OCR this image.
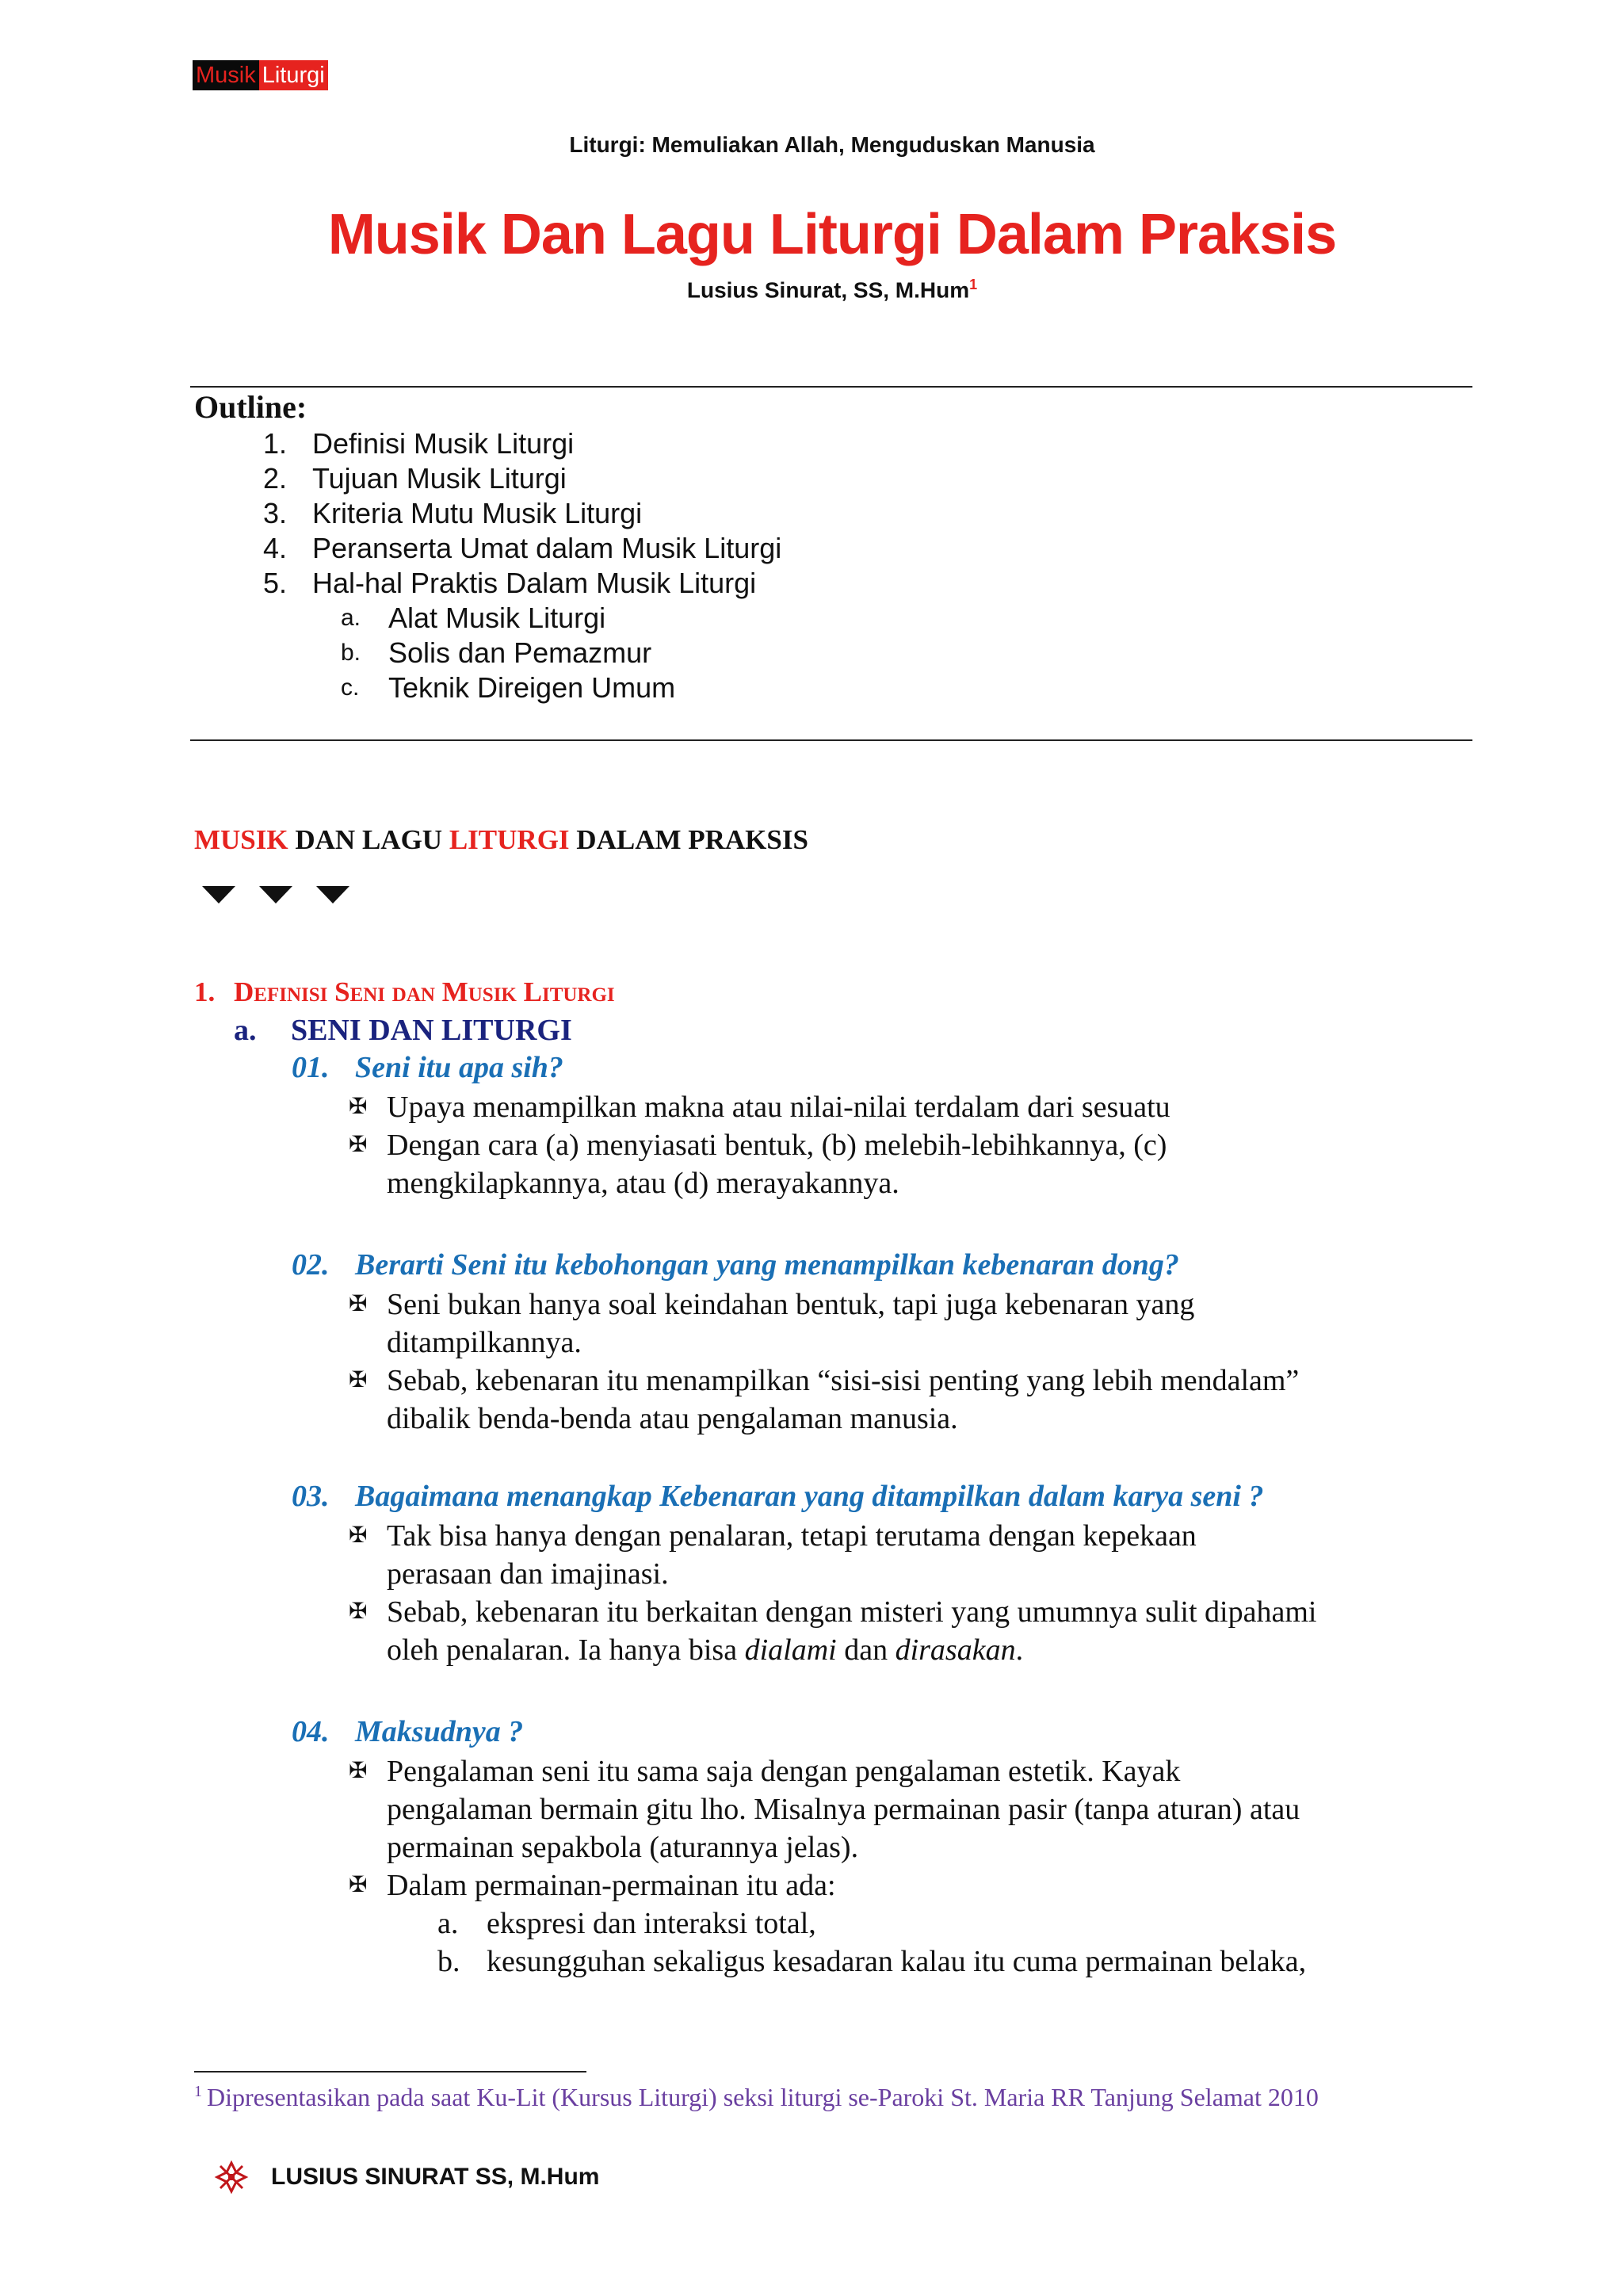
Musik Liturgi
Liturgi: Memuliakan Allah, Menguduskan Manusia
Musik Dan Lagu Liturgi Dalam Praksis
Lusius Sinurat, SS, M.Hum$^1$
Outline:
1. Definisi Musik Liturgi
2. Tujuan Musik Liturgi
3. Kriteria Mutu Musik Liturgi
4. Peranserta Umat dalam Musik Liturgi
5. Hal-hal Praktis Dalam Musik Liturgi
a. Alat Musik Liturgi
b. Solis dan Pemazmur
c.	Teknik Direigen Umum
MUSIK DAN LAGU LITURGI DALAM PRAKSIS
1. Definisi Seni dan Musik Liturgi
a. SENI DAN LITURGI
01. Seni itu apa sih?
✠ Upaya menampilkan makna atau nilai-nilai terdalam dari sesuatu
✠ Dengan cara (a) menyiasati bentuk, (b) melebih-lebihkannya, (c)
mengkilapkannya, atau (d) merayakannya.
02. Berarti Seni itu kebohongan yang menampilkan kebenaran dong?
✠ Seni bukan hanya soal keindahan bentuk, tapi juga kebenaran yang
ditampilkannya.
✠ Sebab, kebenaran itu menampilkan “sisi-sisi penting yang lebih mendalam”
dibalik benda-benda atau pengalaman manusia.
03. Bagaimana menangkap Kebenaran yang ditampilkan dalam karya seni ?
✠ Tak bisa hanya dengan penalaran, tetapi terutama dengan kepekaan
perasaan dan imajinasi.
✠ Sebab, kebenaran itu berkaitan dengan misteri yang umumnya sulit dipahami
oleh penalaran. Ia hanya bisa dialami dan dirasakan.
04. Maksudnya ?
✠ Pengalaman seni itu sama saja dengan pengalaman estetik. Kayak
pengalaman bermain gitu lho. Misalnya permainan pasir (tanpa aturan) atau
permainan sepakbola (aturannya jelas).
✠ Dalam permainan-permainan itu ada:
a. ekspresi dan interaksi total,
b. kesungguhan sekaligus kesadaran kalau itu cuma permainan belaka,
$^1$ Dipresentasikan pada saat Ku-Lit (Kursus Liturgi) seksi liturgi se-Paroki St. Maria RR Tanjung Selamat 2010
LUSIUS SINURAT SS, M.Hum
